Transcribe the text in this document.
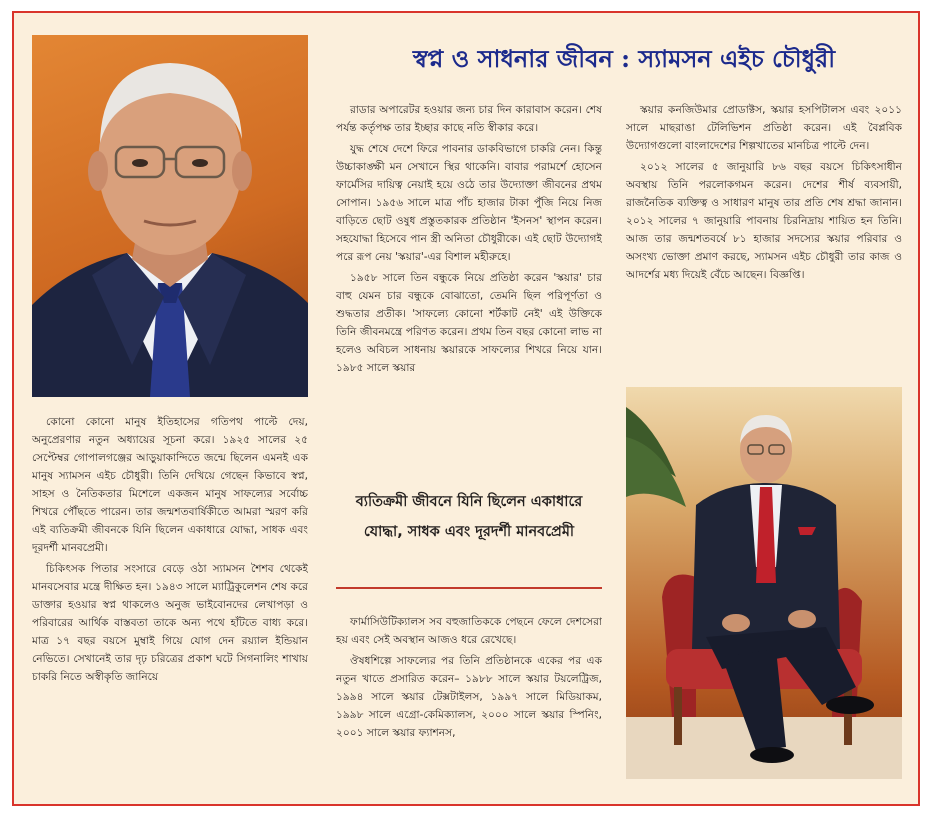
স্বপ্ন ও সাধনার জীবন : স্যামসন এইচ চৌধুরী

কোনো কোনো মানুষ ইতিহাসের গতিপথ পাল্টে দেয়, অনুপ্রেরণার নতুন অধ্যায়ের সূচনা করে। ১৯২৫ সালের ২৫ সেপ্টেম্বর গোপালগঞ্জের আড়ুয়াকান্দিতে জন্মে ছিলেন এমনই এক মানুষ স্যামসন এইচ চৌধুরী। তিনি দেখিয়ে গেছেন কিভাবে স্বপ্ন, সাহস ও নৈতিকতার মিশেলে একজন মানুষ সাফল্যের সর্বোচ্চ শিখরে পৌঁছতে পারেন। তার জন্মশতবার্ষিকীতে আমরা স্মরণ করি এই ব্যতিক্রমী জীবনকে যিনি ছিলেন একাধারে যোদ্ধা, সাধক এবং দূরদর্শী মানবপ্রেমী।

চিকিৎসক পিতার সংসারে বেড়ে ওঠা স্যামসন শৈশব থেকেই মানবসেবার মন্ত্রে দীক্ষিত হন। ১৯৪৩ সালে ম্যাট্রিকুলেশন শেষ করে ডাক্তার হওয়ার স্বপ্ন থাকলেও অনুজ ভাইবোনদের লেখাপড়া ও পরিবারের আর্থিক বাস্তবতা তাকে অন্য পথে হাঁটতে বাধ্য করে। মাত্র ১৭ বছর বয়সে মুম্বাই গিয়ে যোগ দেন রয়্যাল ইন্ডিয়ান নেভিতে। সেখানেই তার দৃঢ় চরিত্রের প্রকাশ ঘটে সিগনালিং শাখায় চাকরি নিতে অস্বীকৃতি জানিয়ে

রাডার অপারেটর হওয়ার জন্য চার দিন কারাবাস করেন। শেষ পর্যন্ত কর্তৃপক্ষ তার ইচ্ছার কাছে নতি স্বীকার করে।

যুদ্ধ শেষে দেশে ফিরে পাবনার ডাকবিভাগে চাকরি নেন। কিন্তু উচ্চাকাঙ্ক্ষী মন সেখানে স্থির থাকেনি। বাবার পরামর্শে হোসেন ফার্মেসির দায়িত্ব নেয়াই হয়ে ওঠে তার উদ্যোক্তা জীবনের প্রথম সোপান। ১৯৫৬ সালে মাত্র পাঁচ হাজার টাকা পুঁজি নিয়ে নিজ বাড়িতে ছোট ওষুধ প্রস্তুতকারক প্রতিষ্ঠান 'ইসনস' স্থাপন করেন। সহযোদ্ধা হিসেবে পান স্ত্রী অনিতা চৌধুরীকে। এই ছোট উদ্যোগই পরে রূপ নেয় 'স্কয়ার'-এর বিশাল মহীরুহে।

১৯৫৮ সালে তিন বন্ধুকে নিয়ে প্রতিষ্ঠা করেন 'স্কয়ার' চার বাহু যেমন চার বন্ধুকে বোঝাতো, তেমনি ছিল পরিপূর্ণতা ও শুদ্ধতার প্রতীক। 'সাফল্যে কোনো শর্টকাট নেই' এই উক্তিকে তিনি জীবনমন্ত্রে পরিণত করেন। প্রথম তিন বছর কোনো লাভ না হলেও অবিচল সাধনায় স্কয়ারকে সাফল্যের শিখরে নিয়ে যান। ১৯৮৫ সালে স্কয়ার

ব্যতিক্রমী জীবনে যিনি ছিলেন একাধারে যোদ্ধা, সাধক এবং দূরদর্শী মানবপ্রেমী

ফার্মাসিউটিক্যালস সব বহুজাতিককে পেছনে ফেলে দেশসেরা হয় এবং সেই অবস্থান আজও ধরে রেখেছে।

ঔষধশিল্পে সাফল্যের পর তিনি প্রতিষ্ঠানকে একের পর এক নতুন খাতে প্রসারিত করেন– ১৯৮৮ সালে স্কয়ার টয়লেট্রিজ, ১৯৯৪ সালে স্কয়ার টেক্সটাইলস, ১৯৯৭ সালে মিডিয়াকম, ১৯৯৮ সালে এগ্রো-কেমিক্যালস, ২০০০ সালে স্কয়ার স্পিনিং, ২০০১ সালে স্কয়ার ফ্যাশনস,

স্কয়ার কনজিউমার প্রোডাক্টস, স্কয়ার হসপিটালস এবং ২০১১ সালে মাছরাঙা টেলিভিশন প্রতিষ্ঠা করেন। এই বৈপ্লবিক উদ্যোগগুলো বাংলাদেশের শিল্পখাতের মানচিত্র পাল্টে দেন।

২০১২ সালের ৫ জানুয়ারি ৮৬ বছর বয়সে চিকিৎসাধীন অবস্থায় তিনি পরলোকগমন করেন। দেশের শীর্ষ ব্যবসায়ী, রাজনৈতিক ব্যক্তিত্ব ও সাধারণ মানুষ তার প্রতি শেষ শ্রদ্ধা জানান। ২০১২ সালের ৭ জানুয়ারি পাবনায় চিরনিদ্রায় শায়িত হন তিনি। আজ তার জন্মশতবর্ষে ৮১ হাজার সদস্যের স্কয়ার পরিবার ও অসংখ্য ভোক্তা প্রমাণ করছে, স্যামসন এইচ চৌধুরী তার কাজ ও আদর্শের মধ্য দিয়েই বেঁচে আছেন। বিজ্ঞপ্তি।
